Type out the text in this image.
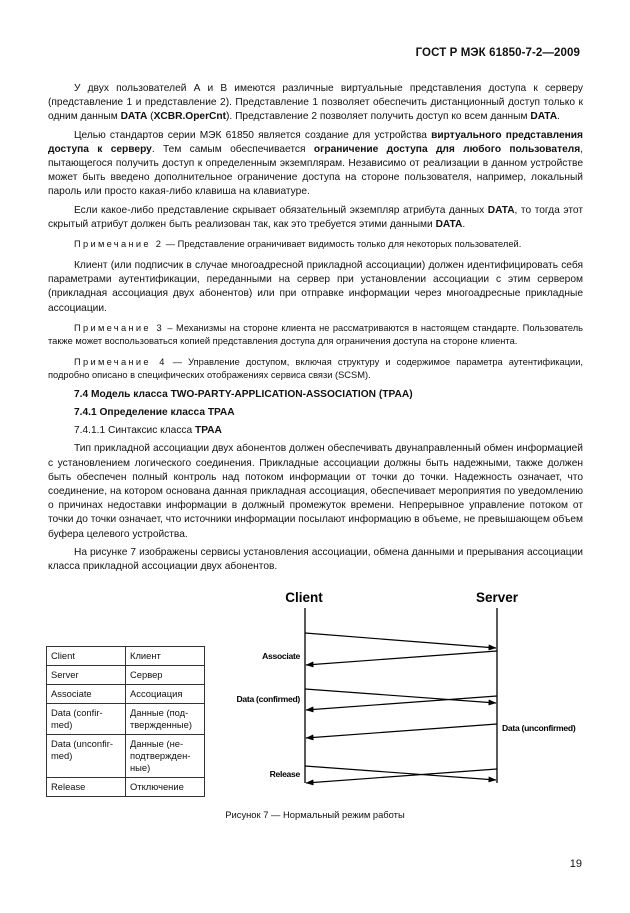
ГОСТ Р МЭК 61850-7-2—2009

У двух пользователей А и В имеются различные виртуальные представления доступа к серверу (представление 1 и представление 2). Представление 1 позволяет обеспечить дистанционный доступ только к одним данным DATA (XCBR.OperCnt). Представление 2 позволяет получить доступ ко всем данным DATA.

Целью стандартов серии МЭК 61850 является создание для устройства виртуального представления доступа к серверу. Тем самым обеспечивается ограничение доступа для любого пользователя, пытающегося получить доступ к определенным экземплярам. Независимо от реализации в данном устройстве может быть введено дополнительное ограничение доступа на стороне пользователя, например, локальный пароль или просто какая-либо клавиша на клавиатуре.

Если какое-либо представление скрывает обязательный экземпляр атрибута данных DATA, то тогда этот скрытый атрибут должен быть реализован так, как это требуется этими данными DATA.

Примечание 2 — Представление ограничивает видимость только для некоторых пользователей.

Клиент (или подписчик в случае многоадресной прикладной ассоциации) должен идентифицировать себя параметрами аутентификации, переданными на сервер при установлении ассоциации с этим сервером (прикладная ассоциация двух абонентов) или при отправке информации через многоадресные прикладные ассоциации.

Примечание 3 – Механизмы на стороне клиента не рассматриваются в настоящем стандарте. Пользователь также может воспользоваться копией представления доступа для ограничения доступа на стороне клиента.

Примечание 4 — Управление доступом, включая структуру и содержимое параметра аутентификации, подробно описано в специфических отображениях сервиса связи (SCSM).

7.4 Модель класса TWO-PARTY-APPLICATION-ASSOCIATION (TPAA)

7.4.1 Определение класса ТРАА

7.4.1.1 Синтаксис класса ТРАА

Тип прикладной ассоциации двух абонентов должен обеспечивать двунаправленный обмен информацией с установлением логического соединения. Прикладные ассоциации должны быть надежными, также должен быть обеспечен полный контроль над потоком информации от точки до точки. Надежность означает, что соединение, на котором основана данная прикладная ассоциация, обеспечивает мероприятия по уведомлению о причинах недоставки информации в должный промежуток времени. Непрерывное управление потоком от точки до точки означает, что источники информации посылают информацию в объеме, не превышающем объем буфера целевого устройства.

На рисунке 7 изображены сервисы установления ассоциации, обмена данными и прерывания ассоциации класса прикладной ассоциации двух абонентов.

Client	Клиент
Server	Сервер
Associate	Ассоциация
Data (confir-med)	Данные (под-твержденные)
Data (unconfir-med)	Данные (не-подтвержден-ные)
Release	Отключение
Client	Server
Associate
Data (confirmed)
Data (unconfirmed)
Release
Рисунок 7 — Нормальный режим работы
19
